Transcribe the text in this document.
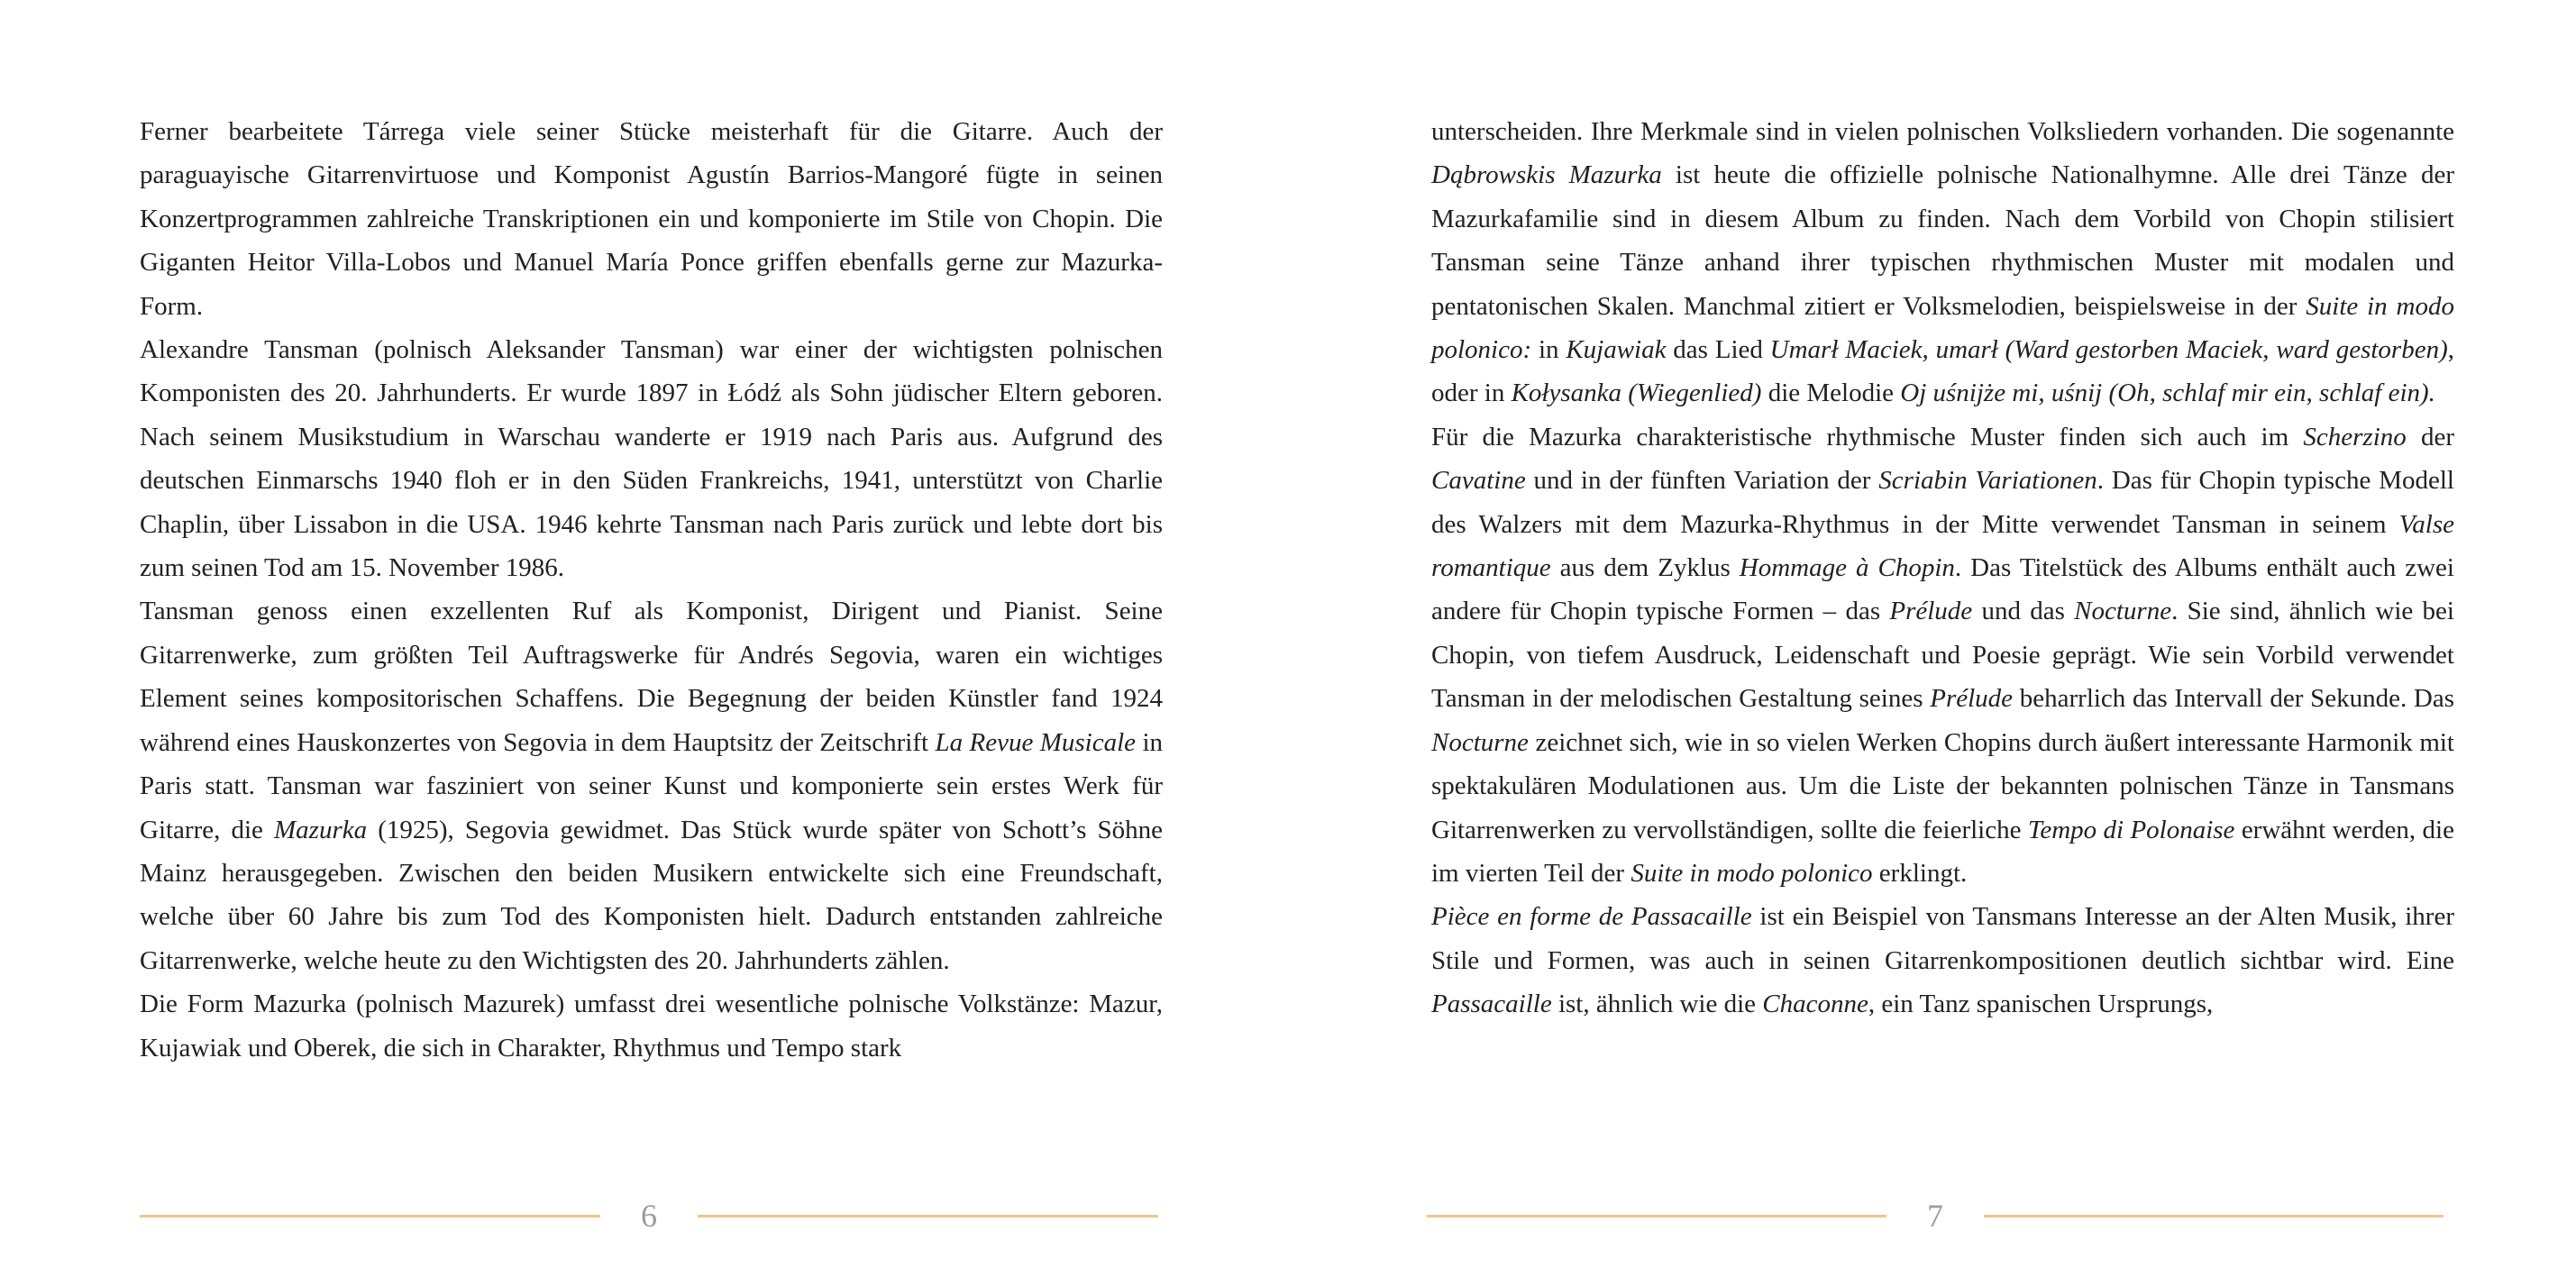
Ferner bearbeitete Tárrega viele seiner Stücke meisterhaft für die Gitarre. Auch der paraguayische Gitarrenvirtuose und Komponist Agustín Barrios-Mangoré fügte in seinen Konzertprogrammen zahlreiche Transkriptionen ein und komponierte im Stile von Chopin. Die Giganten Heitor Villa-Lobos und Manuel María Ponce griffen ebenfalls gerne zur Mazurka-Form.

Alexandre Tansman (polnisch Aleksander Tansman) war einer der wichtigsten polnischen Komponisten des 20. Jahrhunderts. Er wurde 1897 in Łódź als Sohn jüdischer Eltern geboren. Nach seinem Musikstudium in Warschau wanderte er 1919 nach Paris aus. Aufgrund des deutschen Einmarschs 1940 floh er in den Süden Frankreichs, 1941, unterstützt von Charlie Chaplin, über Lissabon in die USA. 1946 kehrte Tansman nach Paris zurück und lebte dort bis zum seinen Tod am 15. November 1986.

Tansman genoss einen exzellenten Ruf als Komponist, Dirigent und Pianist. Seine Gitarrenwerke, zum größten Teil Auftragswerke für Andrés Segovia, waren ein wichtiges Element seines kompositorischen Schaffens. Die Begegnung der beiden Künstler fand 1924 während eines Hauskonzertes von Segovia in dem Hauptsitz der Zeitschrift La Revue Musicale in Paris statt. Tansman war fasziniert von seiner Kunst und komponierte sein erstes Werk für Gitarre, die Mazurka (1925), Segovia gewidmet. Das Stück wurde später von Schott’s Söhne Mainz herausgegeben. Zwischen den beiden Musikern entwickelte sich eine Freundschaft, welche über 60 Jahre bis zum Tod des Komponisten hielt. Dadurch entstanden zahlreiche Gitarrenwerke, welche heute zu den Wichtigsten des 20. Jahrhunderts zählen.

Die Form Mazurka (polnisch Mazurek) umfasst drei wesentliche polnische Volkstänze: Mazur, Kujawiak und Oberek, die sich in Charakter, Rhythmus und Tempo stark

unterscheiden. Ihre Merkmale sind in vielen polnischen Volksliedern vorhanden. Die sogenannte Dąbrowskis Mazurka ist heute die offizielle polnische Nationalhymne. Alle drei Tänze der Mazurkafamilie sind in diesem Album zu finden. Nach dem Vorbild von Chopin stilisiert Tansman seine Tänze anhand ihrer typischen rhythmischen Muster mit modalen und pentatonischen Skalen. Manchmal zitiert er Volksmelodien, beispielsweise in der Suite in modo polonico: in Kujawiak das Lied Umarł Maciek, umarł (Ward gestorben Maciek, ward gestorben), oder in Kołysanka (Wiegenlied) die Melodie Oj uśnijże mi, uśnij (Oh, schlaf mir ein, schlaf ein).

Für die Mazurka charakteristische rhythmische Muster finden sich auch im Scherzino der Cavatine und in der fünften Variation der Scriabin Variationen. Das für Chopin typische Modell des Walzers mit dem Mazurka-Rhythmus in der Mitte verwendet Tansman in seinem Valse romantique aus dem Zyklus Hommage à Chopin. Das Titelstück des Albums enthält auch zwei andere für Chopin typische Formen – das Prélude und das Nocturne. Sie sind, ähnlich wie bei Chopin, von tiefem Ausdruck, Leidenschaft und Poesie geprägt. Wie sein Vorbild verwendet Tansman in der melodischen Gestaltung seines Prélude beharrlich das Intervall der Sekunde. Das Nocturne zeichnet sich, wie in so vielen Werken Chopins durch äußert interessante Harmonik mit spektakulären Modulationen aus. Um die Liste der bekannten polnischen Tänze in Tansmans Gitarrenwerken zu vervollständigen, sollte die feierliche Tempo di Polonaise erwähnt werden, die im vierten Teil der Suite in modo polonico erklingt.

Pièce en forme de Passacaille ist ein Beispiel von Tansmans Interesse an der Alten Musik, ihrer Stile und Formen, was auch in seinen Gitarrenkompositionen deutlich sichtbar wird. Eine Passacaille ist, ähnlich wie die Chaconne, ein Tanz spanischen Ursprungs,

6	7
